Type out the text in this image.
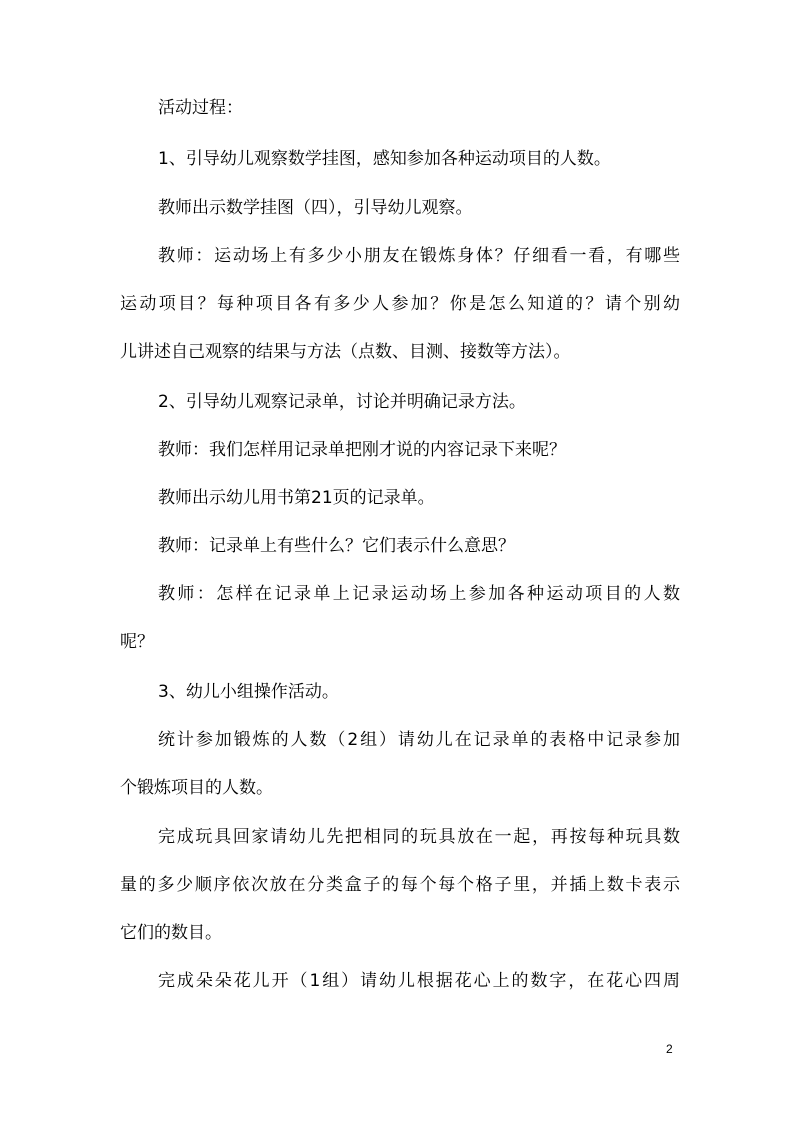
活动过程：
1、引导幼儿观察数学挂图，感知参加各种运动项目的人数。
教师出示数学挂图（四），引导幼儿观察。
教师：运动场上有多少小朋友在锻炼身体？仔细看一看，有哪些
运动项目？每种项目各有多少人参加？你是怎么知道的？请个别幼
儿讲述自己观察的结果与方法（点数、目测、接数等方法）。
2、引导幼儿观察记录单，讨论并明确记录方法。
教师：我们怎样用记录单把刚才说的内容记录下来呢？
教师出示幼儿用书第21页的记录单。
教师：记录单上有些什么？它们表示什么意思？
教师：怎样在记录单上记录运动场上参加各种运动项目的人数
呢？
3、幼儿小组操作活动。
统计参加锻炼的人数（2组）请幼儿在记录单的表格中记录参加
个锻炼项目的人数。
完成玩具回家请幼儿先把相同的玩具放在一起，再按每种玩具数
量的多少顺序依次放在分类盒子的每个每个格子里，并插上数卡表示
它们的数目。
完成朵朵花儿开（1组）请幼儿根据花心上的数字，在花心四周
2
